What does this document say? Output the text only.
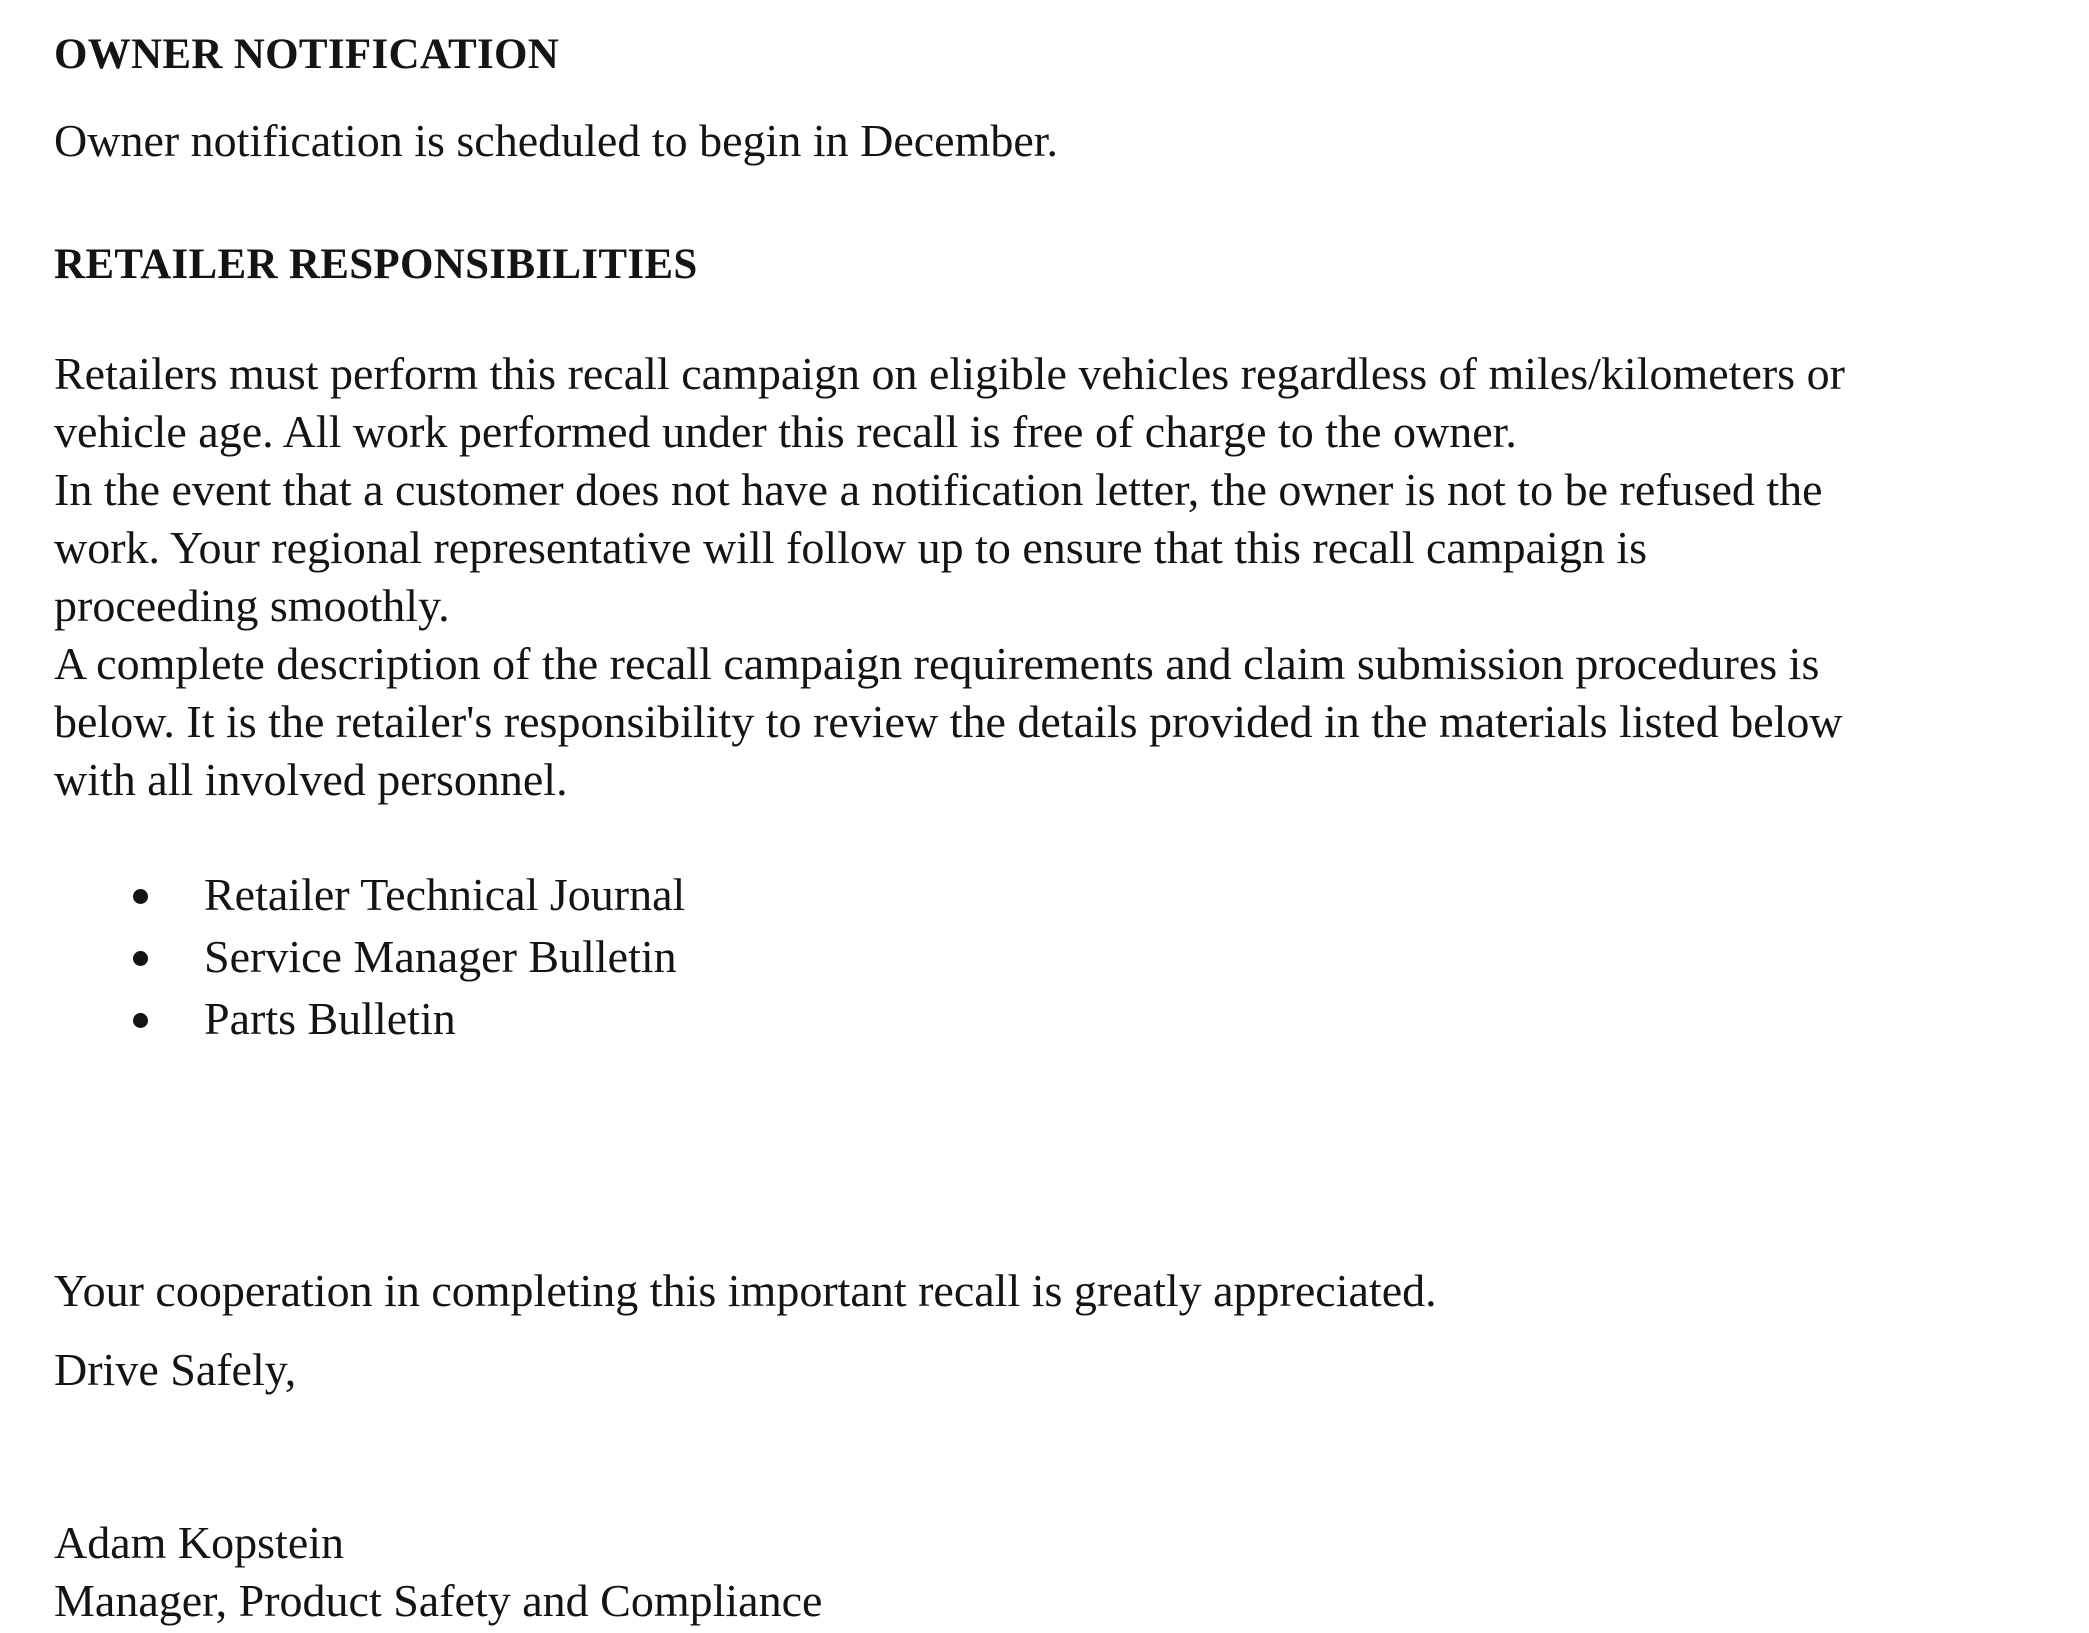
OWNER NOTIFICATION
Owner notification is scheduled to begin in December.
RETAILER RESPONSIBILITIES
Retailers must perform this recall campaign on eligible vehicles regardless of miles/kilometers or
vehicle age. All work performed under this recall is free of charge to the owner.
In the event that a customer does not have a notification letter, the owner is not to be refused the
work. Your regional representative will follow up to ensure that this recall campaign is
proceeding smoothly.
A complete description of the recall campaign requirements and claim submission procedures is
below. It is the retailer's responsibility to review the details provided in the materials listed below
with all involved personnel.
Retailer Technical Journal
Service Manager Bulletin
Parts Bulletin
Your cooperation in completing this important recall is greatly appreciated.
Drive Safely,
Adam Kopstein
Manager, Product Safety and Compliance
